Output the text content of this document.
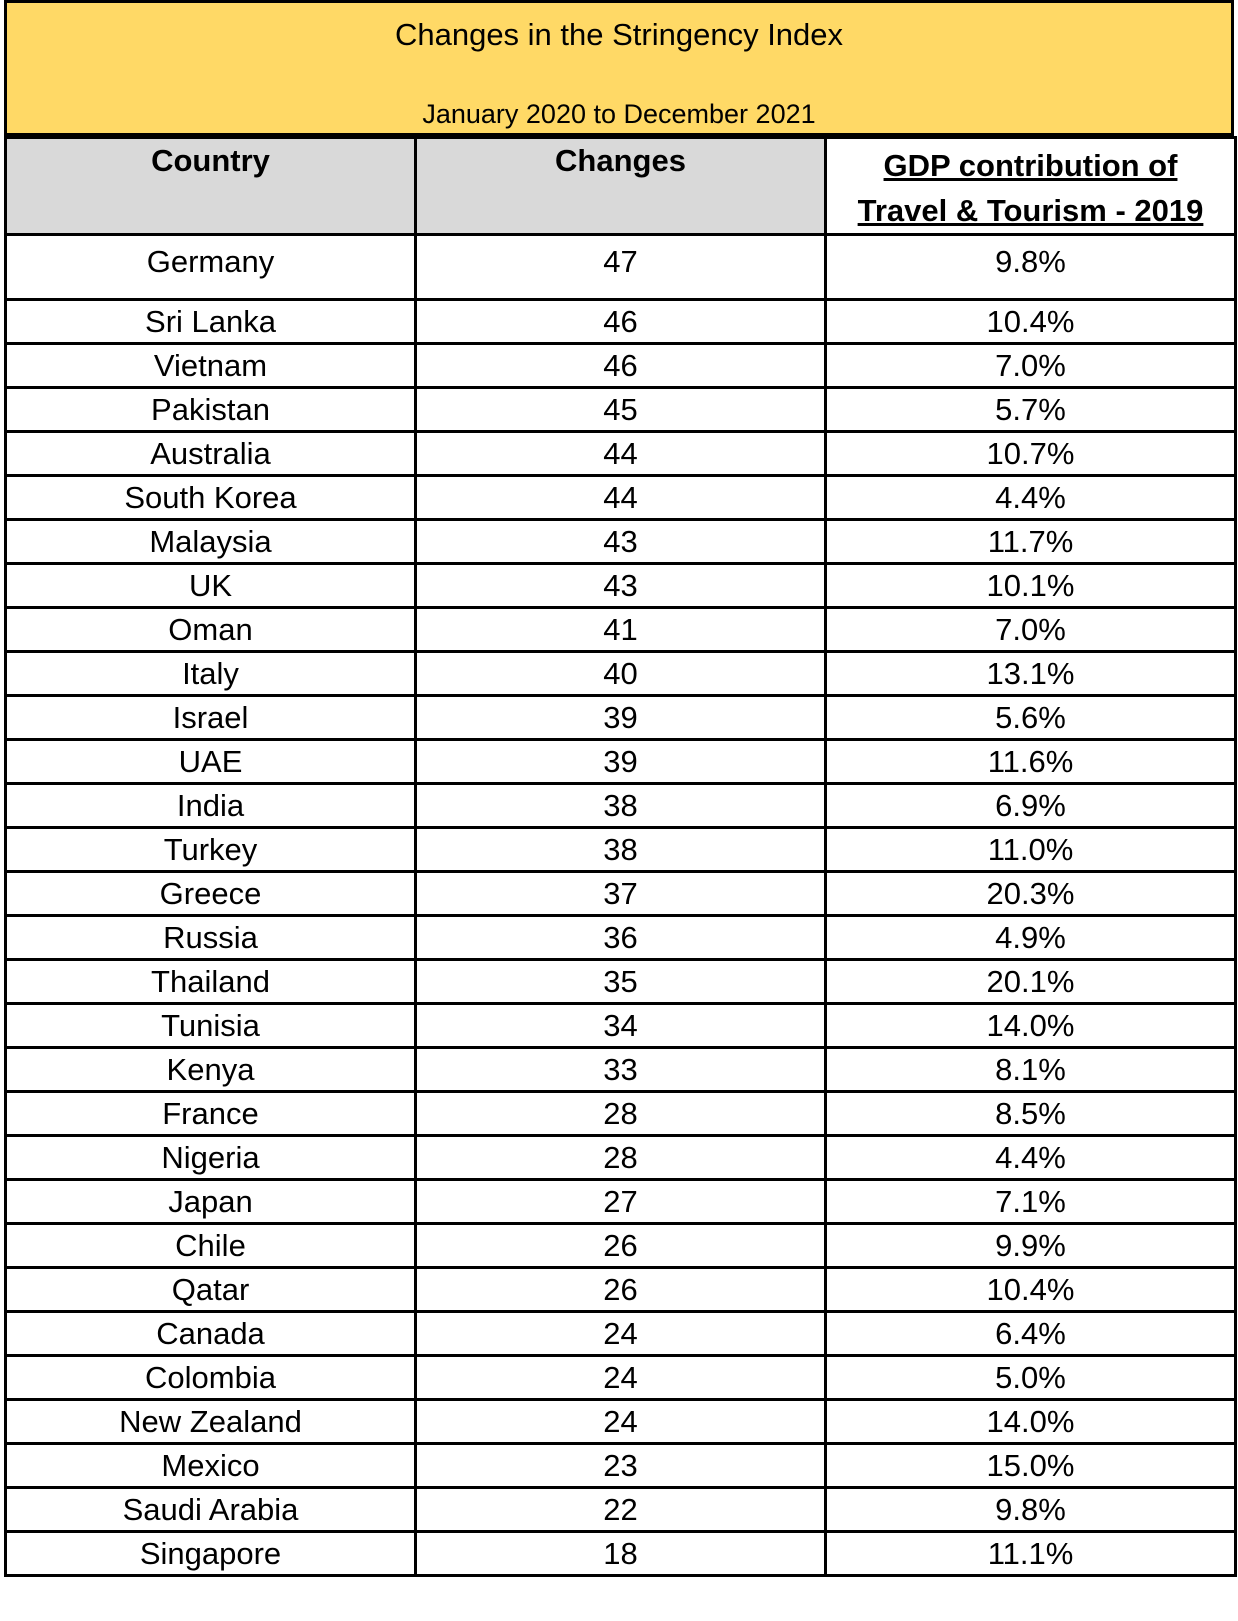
Changes in the Stringency Index
January 2020 to December 2021
Country	Changes	GDP contribution of
Travel & Tourism - 2019
Germany	47	9.8%
Sri Lanka	46	10.4%
Vietnam	46	7.0%
Pakistan	45	5.7%
Australia	44	10.7%
South Korea	44	4.4%
Malaysia	43	11.7%
UK	43	10.1%
Oman	41	7.0%
Italy	40	13.1%
Israel	39	5.6%
UAE	39	11.6%
India	38	6.9%
Turkey	38	11.0%
Greece	37	20.3%
Russia	36	4.9%
Thailand	35	20.1%
Tunisia	34	14.0%
Kenya	33	8.1%
France	28	8.5%
Nigeria	28	4.4%
Japan	27	7.1%
Chile	26	9.9%
Qatar	26	10.4%
Canada	24	6.4%
Colombia	24	5.0%
New Zealand	24	14.0%
Mexico	23	15.0%
Saudi Arabia	22	9.8%
Singapore	18	11.1%
